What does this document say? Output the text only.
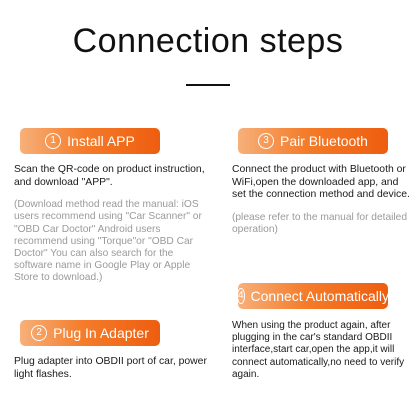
Connection steps
1 Install APP
Scan the QR-code on product instruction, and download "APP".
(Download method read the manual: iOS users recommend using "Car Scanner" or "OBD Car Doctor" Android users recommend using "Torque"or "OBD Car Doctor" You can also search for the software name in Google Play or Apple Store to download.)
2 Plug In Adapter
Plug adapter into OBDII port of car, power light flashes.
3 Pair Bluetooth
Connect the product with Bluetooth or WiFi,open the downloaded app, and set the connection method and device.
(please refer to the manual for detailed operation)
4 Connect Automatically
When using the product again, after plugging in the car's standard OBDII interface,start car,open the app,it will connect automatically,no need to verify again.
